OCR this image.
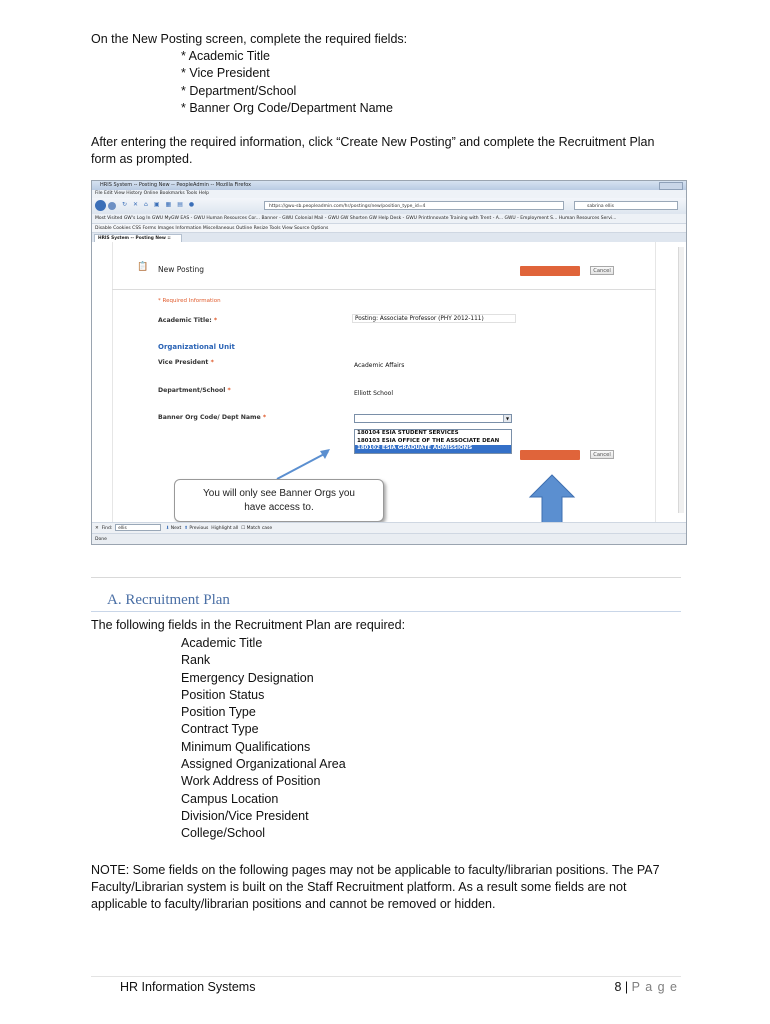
On the New Posting screen, complete the required fields:
* Academic Title
* Vice President
* Department/School
* Banner Org Code/Department Name
After entering the required information, click “Create New Posting” and complete the Recruitment Plan
form as prompted.
HRIS System -- Posting New -- PeopleAdmin -- Mozilla Firefox
File Edit View History Online Bookmarks Tools Help
↻✕⌂▣▦▤●	https://gwu-sb.peopleadmin.com/hr/postings/new/position_type_id=4	sabrina ellis
Most Visited GW's Log In GWU MyGW EAS - GWU Human Resources Cor... Banner - GWU Colonial Mail - GWU GW Shorten GW Help Desk - GWU PrintInnovate Training with Trent - A... GWU - Employment S... Human Resources Servi...
Disable Cookies CSS Forms Images Information Miscellaneous Outline Resize Tools View Source Options
HRIS System -- Posting New ::
📋 New Posting	Cancel
* Required Information
Academic Title: *	Posting: Associate Professor (PHY 2012-111)
Organizational Unit
Vice President *	Academic Affairs
Department/School *	Elliott School
Banner Org Code/ Dept Name *	▼
180104 ESIA STUDENT SERVICES
180103 ESIA OFFICE OF THE ASSOCIATE DEAN
180102 ESIA GRADUATE ADMISSIONS
Cancel
You will only see Banner Orgs you
have access to.
✕ Find: ellis	⬇ Next ⬆ Previous Highlight all ☐ Match case
Done
A. Recruitment Plan
The following fields in the Recruitment Plan are required:
Academic Title
Rank
Emergency Designation
Position Status
Position Type
Contract Type
Minimum Qualifications
Assigned Organizational Area
Work Address of Position
Campus Location
Division/Vice President
College/School
NOTE: Some fields on the following pages may not be applicable to faculty/librarian positions. The PA7
Faculty/Librarian system is built on the Staff Recruitment platform. As a result some fields are not
applicable to faculty/librarian positions and cannot be removed or hidden.
HR Information Systems	8 | P a g e
